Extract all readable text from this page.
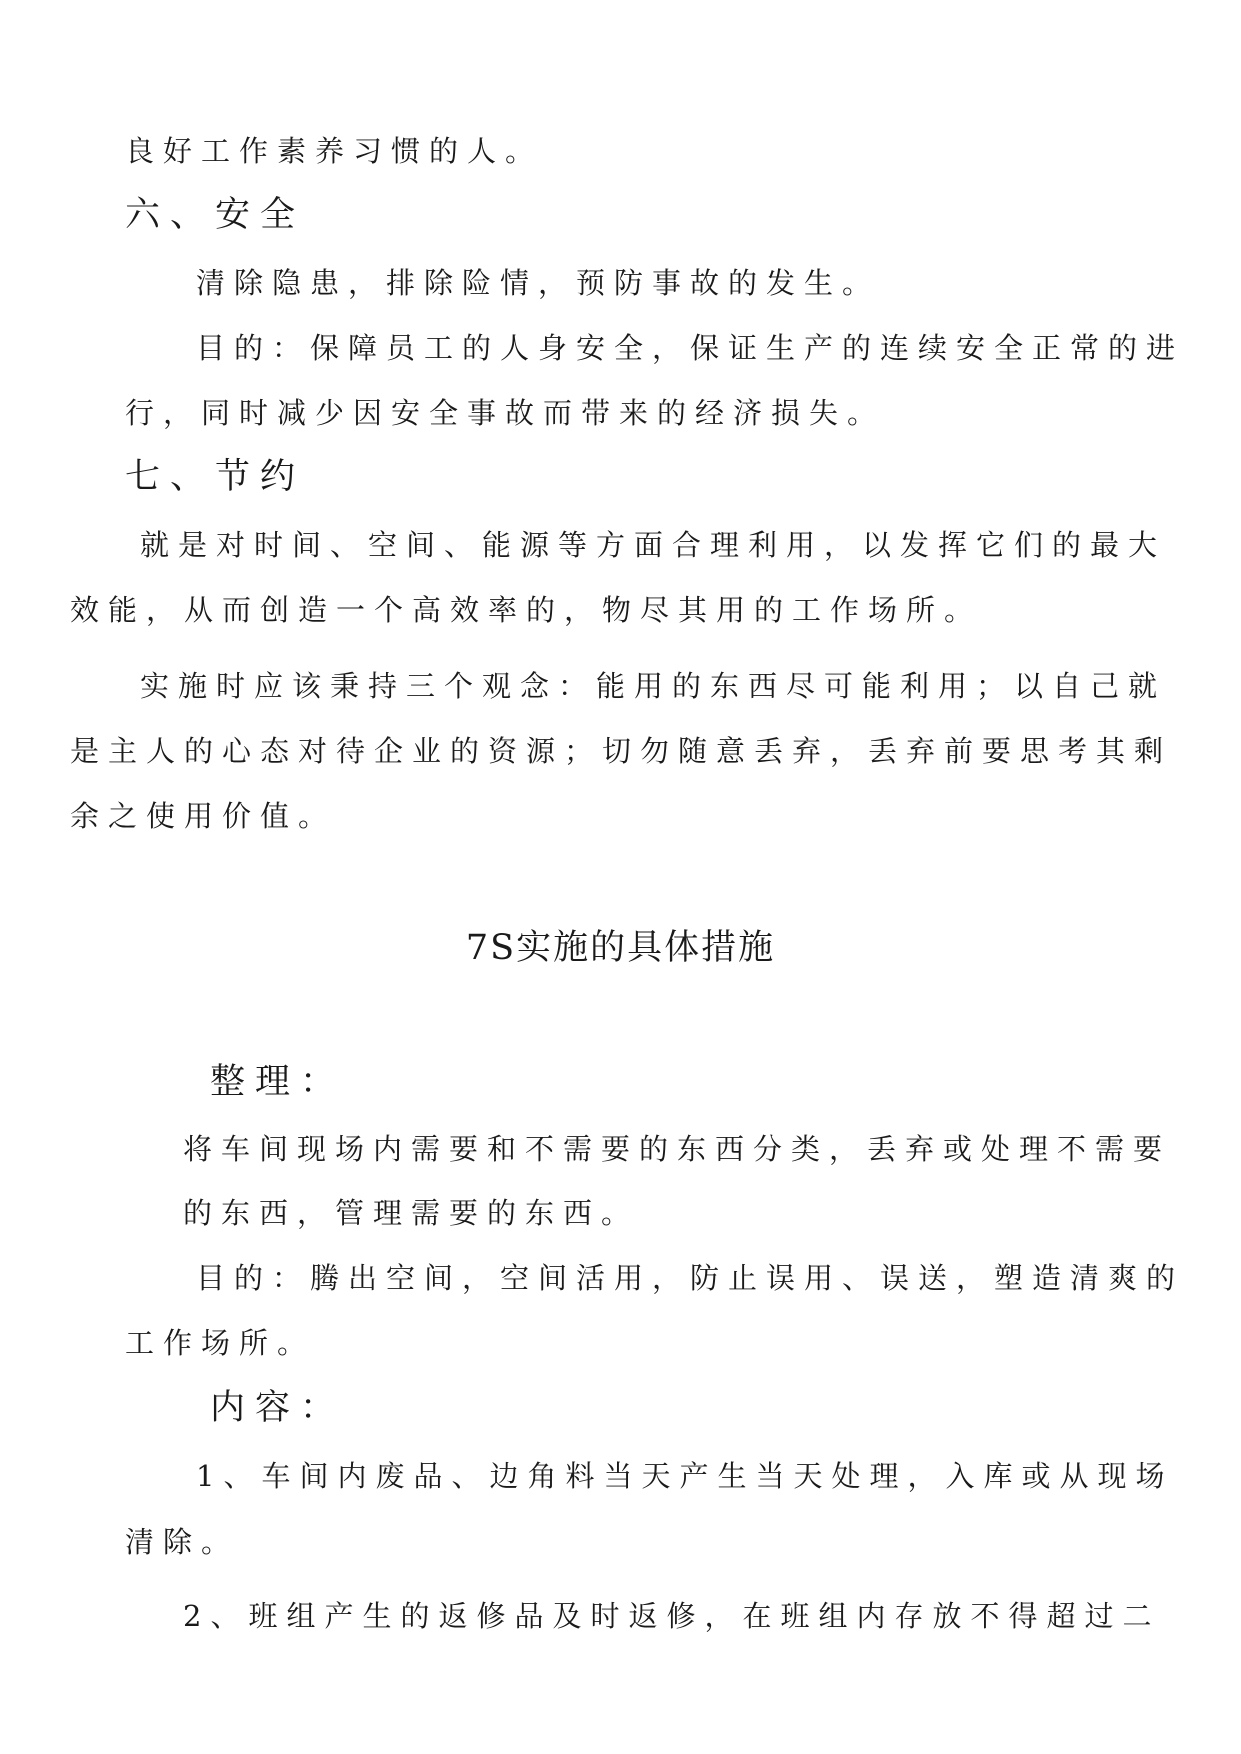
良好工作素养习惯的人。
六、安全
清除隐患，排除险情，预防事故的发生。
目的：保障员工的人身安全，保证生产的连续安全正常的进
行，同时减少因安全事故而带来的经济损失。
七、节约
就是对时间、空间、能源等方面合理利用，以发挥它们的最大
效能，从而创造一个高效率的，物尽其用的工作场所。
实施时应该秉持三个观念：能用的东西尽可能利用；以自己就
是主人的心态对待企业的资源；切勿随意丢弃，丢弃前要思考其剩
余之使用价值。
7S实施的具体措施
整理：
将车间现场内需要和不需要的东西分类，丢弃或处理不需要
的东西，管理需要的东西。
目的：腾出空间，空间活用，防止误用、误送，塑造清爽的
工作场所。
内容：
1、车间内废品、边角料当天产生当天处理，入库或从现场
清除。
2、班组产生的返修品及时返修，在班组内存放不得超过二
